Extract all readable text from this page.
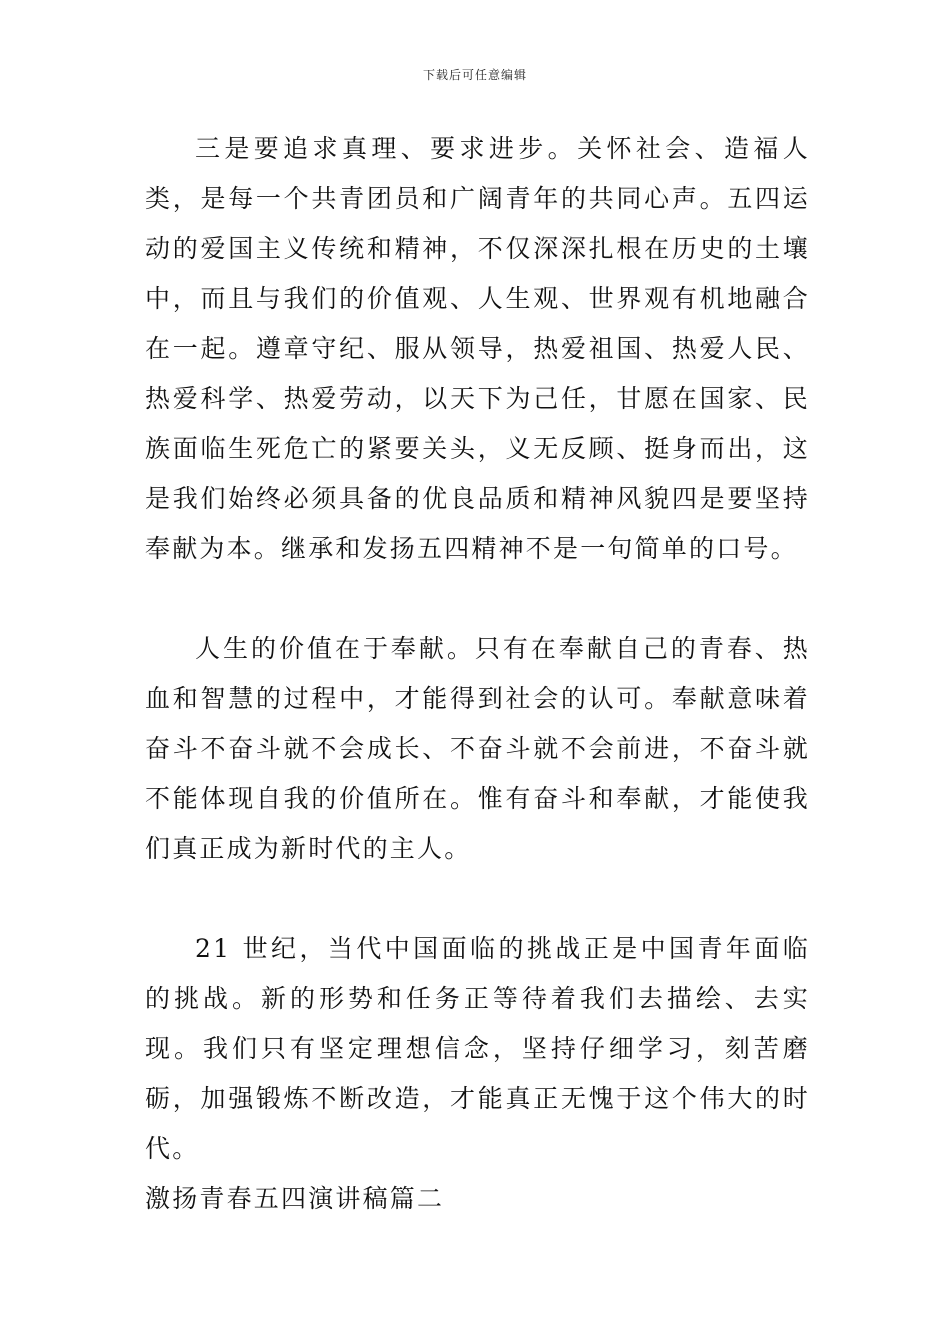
下载后可任意编辑

三是要追求真理、要求进步。关怀社会、造福人类，是每一个共青团员和广阔青年的共同心声。五四运动的爱国主义传统和精神，不仅深深扎根在历史的土壤中，而且与我们的价值观、人生观、世界观有机地融合在一起。遵章守纪、服从领导，热爱祖国、热爱人民、热爱科学、热爱劳动，以天下为己任，甘愿在国家、民族面临生死危亡的紧要关头，义无反顾、挺身而出，这是我们始终必须具备的优良品质和精神风貌四是要坚持奉献为本。继承和发扬五四精神不是一句简单的口号。

人生的价值在于奉献。只有在奉献自己的青春、热血和智慧的过程中，才能得到社会的认可。奉献意味着奋斗不奋斗就不会成长、不奋斗就不会前进，不奋斗就不能体现自我的价值所在。惟有奋斗和奉献，才能使我们真正成为新时代的主人。

21 世纪，当代中国面临的挑战正是中国青年面临的挑战。新的形势和任务正等待着我们去描绘、去实现。我们只有坚定理想信念，坚持仔细学习，刻苦磨砺，加强锻炼不断改造，才能真正无愧于这个伟大的时代。

激扬青春五四演讲稿篇二
